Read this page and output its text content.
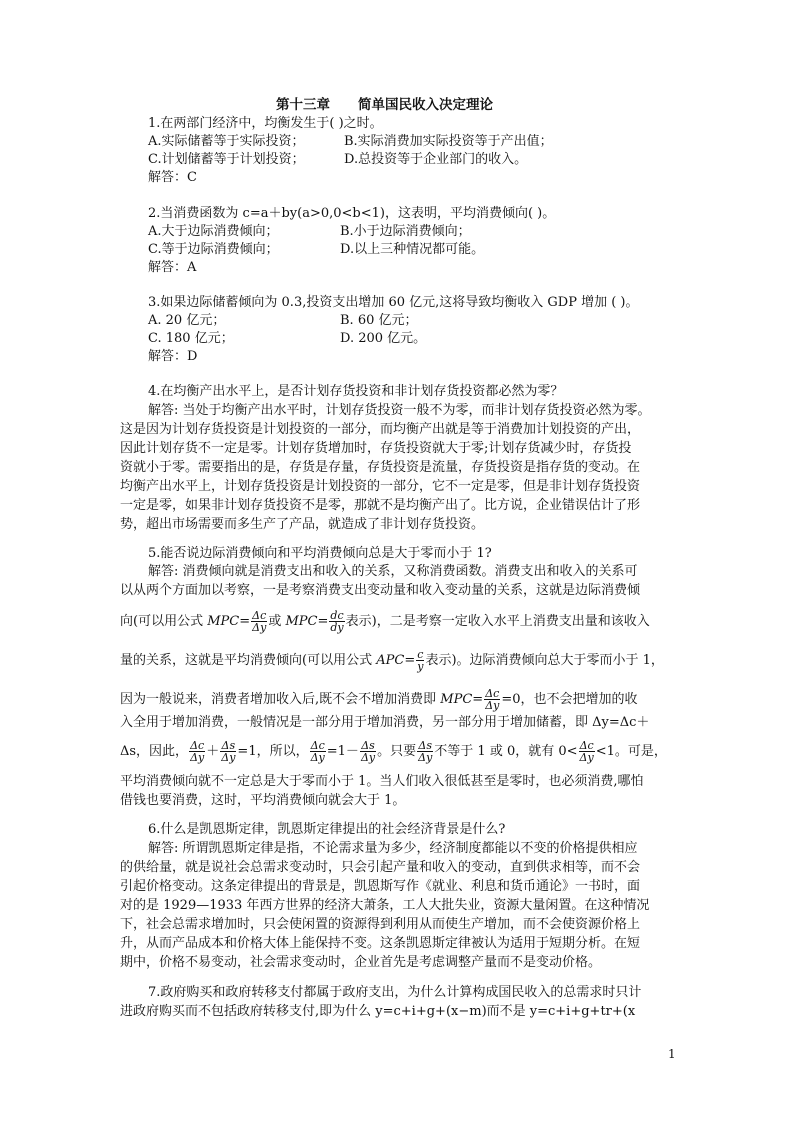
第十三章 简单国民收入决定理论
1.在两部门经济中，均衡发生于( )之时。
A.实际储蓄等于实际投资；	B.实际消费加实际投资等于产出值；
C.计划储蓄等于计划投资；	D.总投资等于企业部门的收入。
解答：C
2.当消费函数为 c=a＋by(a>0,0<b<1)，这表明，平均消费倾向( )。
A.大于边际消费倾向；	B.小于边际消费倾向；
C.等于边际消费倾向；	D.以上三种情况都可能。
解答：A
3.如果边际储蓄倾向为 0.3,投资支出增加 60 亿元,这将导致均衡收入 GDP 增加 ( )。
A. 20 亿元；	B. 60 亿元；
C. 180 亿元；	D. 200 亿元。
解答：D
4.在均衡产出水平上，是否计划存货投资和非计划存货投资都必然为零？
解答: 当处于均衡产出水平时，计划存货投资一般不为零，而非计划存货投资必然为零。
这是因为计划存货投资是计划投资的一部分，而均衡产出就是等于消费加计划投资的产出，
因此计划存货不一定是零。计划存货增加时，存货投资就大于零;计划存货减少时，存货投
资就小于零。需要指出的是，存货是存量，存货投资是流量，存货投资是指存货的变动。在
均衡产出水平上，计划存货投资是计划投资的一部分，它不一定是零，但是非计划存货投资
一定是零，如果非计划存货投资不是零，那就不是均衡产出了。比方说，企业错误估计了形
势，超出市场需要而多生产了产品，就造成了非计划存货投资。
5.能否说边际消费倾向和平均消费倾向总是大于零而小于 1?
解答: 消费倾向就是消费支出和收入的关系，又称消费函数。消费支出和收入的关系可
以从两个方面加以考察，一是考察消费支出变动量和收入变动量的关系，这就是边际消费倾
向(可以用公式 $MPC= \frac{\Delta c}{\Delta y}$ 或 $MPC= \frac{dc}{dy}$ 表示)，二是考察一定收入水平上消费支出量和该收入
量的关系，这就是平均消费倾向(可以用公式 $APC= \frac{c}{y}$ 表示)。边际消费倾向总大于零而小于 1，
因为一般说来，消费者增加收入后,既不会不增加消费即 $MPC= \frac{\Delta c}{\Delta y} =0$，也不会把增加的收
入全用于增加消费，一般情况是一部分用于增加消费，另一部分用于增加储蓄，即 Δy=Δc＋
Δs，因此， $\frac{\Delta c}{\Delta y} + \frac{\Delta s}{\Delta y} =1$，所以， $\frac{\Delta c}{\Delta y} =1- \frac{\Delta s}{\Delta y}$ 。只要 $\frac{\Delta s}{\Delta y}$ 不等于 1 或 0，就有 $0< \frac{\Delta c}{\Delta y} <1$。可是，
平均消费倾向就不一定总是大于零而小于 1。当人们收入很低甚至是零时，也必须消费,哪怕
借钱也要消费，这时，平均消费倾向就会大于 1。
6.什么是凯恩斯定律，凯恩斯定律提出的社会经济背景是什么?
解答: 所谓凯恩斯定律是指，不论需求量为多少，经济制度都能以不变的价格提供相应
的供给量，就是说社会总需求变动时，只会引起产量和收入的变动，直到供求相等，而不会
引起价格变动。这条定律提出的背景是，凯恩斯写作《就业、利息和货币通论》一书时，面
对的是 1929—1933 年西方世界的经济大萧条，工人大批失业，资源大量闲置。在这种情况
下，社会总需求增加时，只会使闲置的资源得到利用从而使生产增加，而不会使资源价格上
升，从而产品成本和价格大体上能保持不变。这条凯恩斯定律被认为适用于短期分析。在短
期中，价格不易变动，社会需求变动时，企业首先是考虑调整产量而不是变动价格。
7.政府购买和政府转移支付都属于政府支出，为什么计算构成国民收入的总需求时只计
进政府购买而不包括政府转移支付,即为什么 y=c+i+g+(x−m)而不是 y=c+i+g+tr+(x
1
